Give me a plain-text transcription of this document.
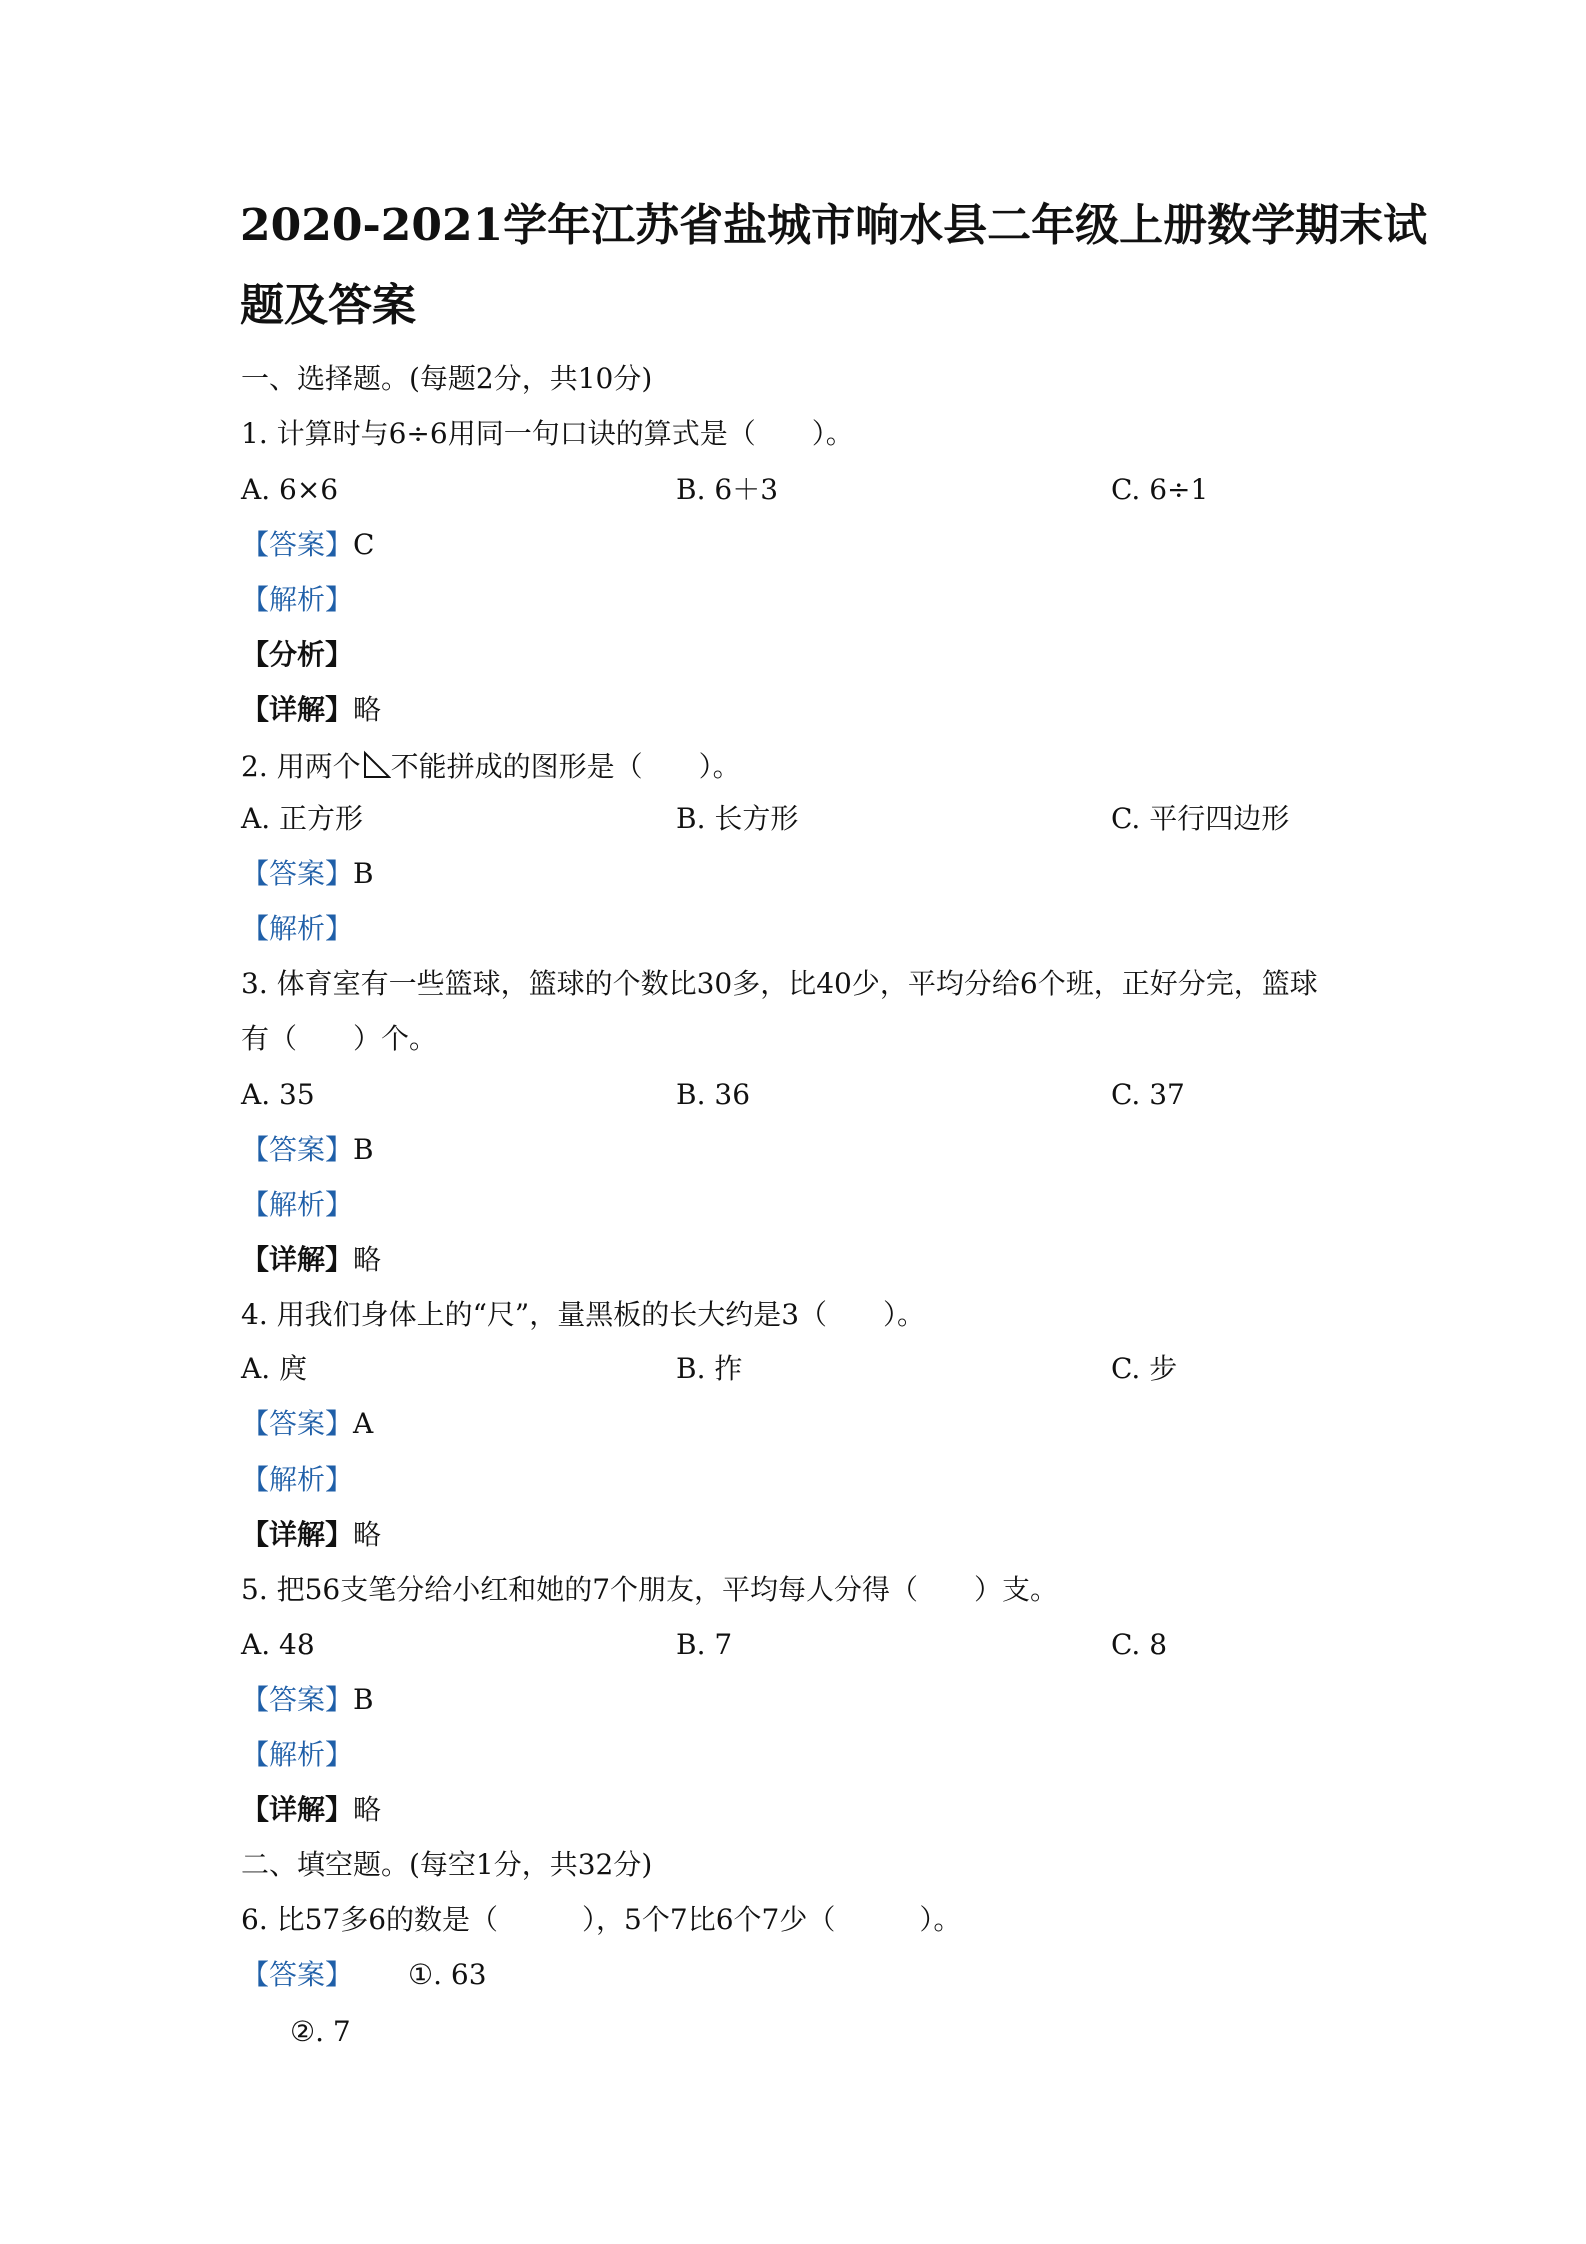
2020-2021学年江苏省盐城市响水县二年级上册数学期末试
题及答案
一、选择题。(每题2分，共10分)
1. 计算时与6÷6用同一句口诀的算式是（　　）。
A. 6×6	B. 6＋3	C. 6÷1
【答案】C
【解析】
【分析】
【详解】略
2. 用两个 不能拼成的图形是（　　）。
A. 正方形	B. 长方形	C. 平行四边形
【答案】B
【解析】
3. 体育室有一些篮球，篮球的个数比30多，比40少，平均分给6个班，正好分完，篮球
有（　　）个。
A. 35	B. 36	C. 37
【答案】B
【解析】
【详解】略
4. 用我们身体上的“尺”，量黑板的长大约是3（　　）。
A. 庹	B. 拃	C. 步
【答案】A
【解析】
【详解】略
5. 把56支笔分给小红和她的7个朋友，平均每人分得（　　）支。
A. 48	B. 7	C. 8
【答案】B
【解析】
【详解】略
二、填空题。(每空1分，共32分)
6. 比57多6的数是（　　　），5个7比6个7少（　　　）。
【答案】 ①. 63
②. 7
